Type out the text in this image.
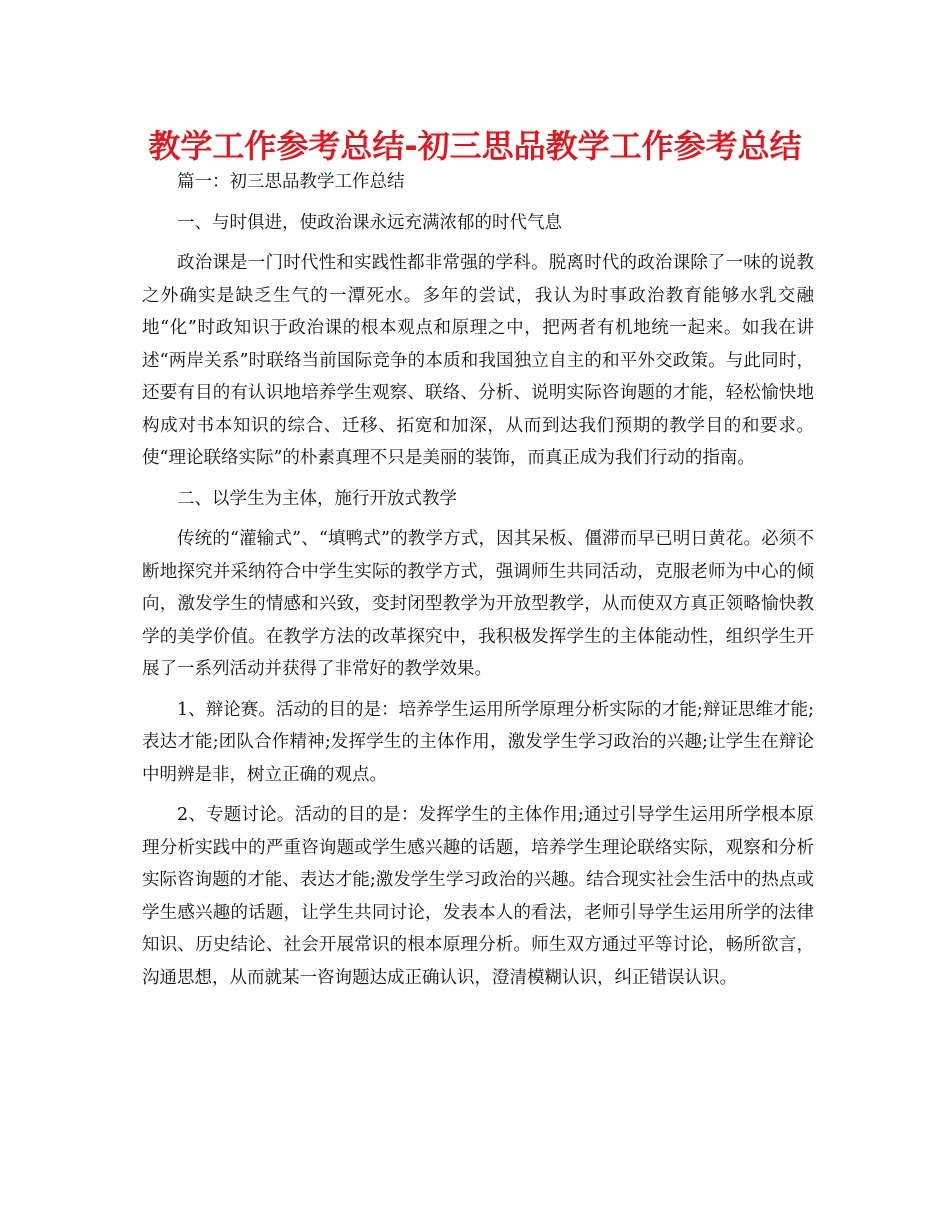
教学工作参考总结-初三思品教学工作参考总结

篇一：初三思品教学工作总结

一、与时俱进，使政治课永远充满浓郁的时代气息

政治课是一门时代性和实践性都非常强的学科。脱离时代的政治课除了一味的说教之外确实是缺乏生气的一潭死水。多年的尝试，我认为时事政治教育能够水乳交融地“化”时政知识于政治课的根本观点和原理之中，把两者有机地统一起来。如我在讲述“两岸关系”时联络当前国际竞争的本质和我国独立自主的和平外交政策。与此同时，还要有目的有认识地培养学生观察、联络、分析、说明实际咨询题的才能，轻松愉快地构成对书本知识的综合、迁移、拓宽和加深，从而到达我们预期的教学目的和要求。使“理论联络实际”的朴素真理不只是美丽的装饰，而真正成为我们行动的指南。

二、以学生为主体，施行开放式教学

传统的“灌输式”、“填鸭式”的教学方式，因其呆板、僵滞而早已明日黄花。必须不断地探究并采纳符合中学生实际的教学方式，强调师生共同活动，克服老师为中心的倾向，激发学生的情感和兴致，变封闭型教学为开放型教学，从而使双方真正领略愉快教学的美学价值。在教学方法的改革探究中，我积极发挥学生的主体能动性，组织学生开展了一系列活动并获得了非常好的教学效果。

1、辩论赛。活动的目的是：培养学生运用所学原理分析实际的才能;辩证思维才能;表达才能;团队合作精神;发挥学生的主体作用，激发学生学习政治的兴趣;让学生在辩论中明辨是非，树立正确的观点。

2、专题讨论。活动的目的是：发挥学生的主体作用;通过引导学生运用所学根本原理分析实践中的严重咨询题或学生感兴趣的话题，培养学生理论联络实际，观察和分析实际咨询题的才能、表达才能;激发学生学习政治的兴趣。结合现实社会生活中的热点或学生感兴趣的话题，让学生共同讨论，发表本人的看法，老师引导学生运用所学的法律知识、历史结论、社会开展常识的根本原理分析。师生双方通过平等讨论，畅所欲言，沟通思想，从而就某一咨询题达成正确认识，澄清模糊认识，纠正错误认识。
